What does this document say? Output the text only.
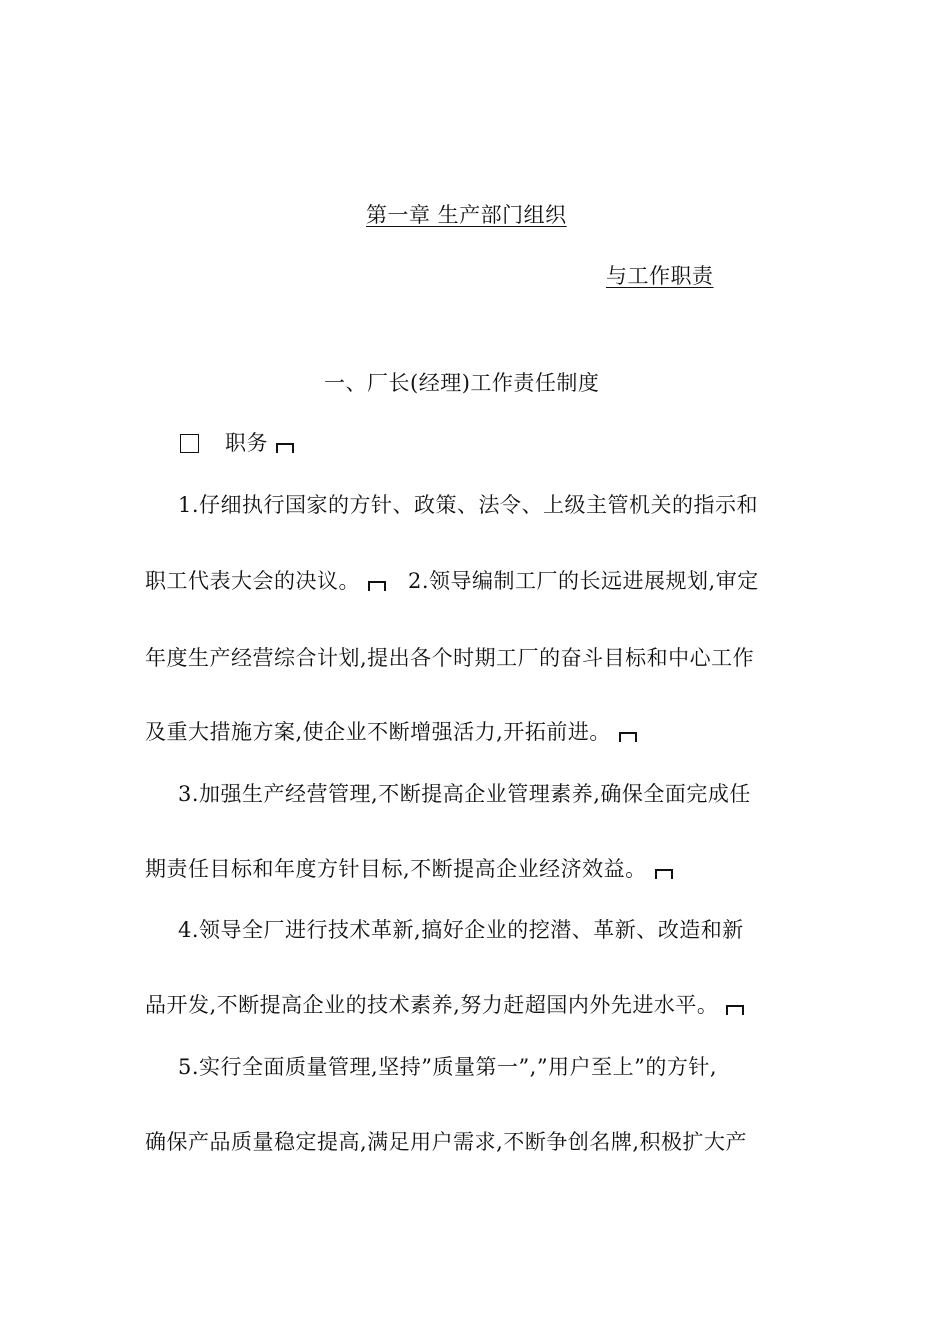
第一章 生产部门组织
与工作职责
一、厂长(经理)工作责任制度
职务
1.仔细执行国家的方针、政策、法令、上级主管机关的指示和
职工代表大会的决议。 2.领导编制工厂的长远进展规划,审定
年度生产经营综合计划,提出各个时期工厂的奋斗目标和中心工作
及重大措施方案,使企业不断增强活力,开拓前进。
3.加强生产经营管理,不断提高企业管理素养,确保全面完成任
期责任目标和年度方针目标,不断提高企业经济效益。
4.领导全厂进行技术革新,搞好企业的挖潜、革新、改造和新
品开发,不断提高企业的技术素养,努力赶超国内外先进水平。
5.实行全面质量管理,坚持”质量第一”,”用户至上”的方针,
确保产品质量稳定提高,满足用户需求,不断争创名牌,积极扩大产
